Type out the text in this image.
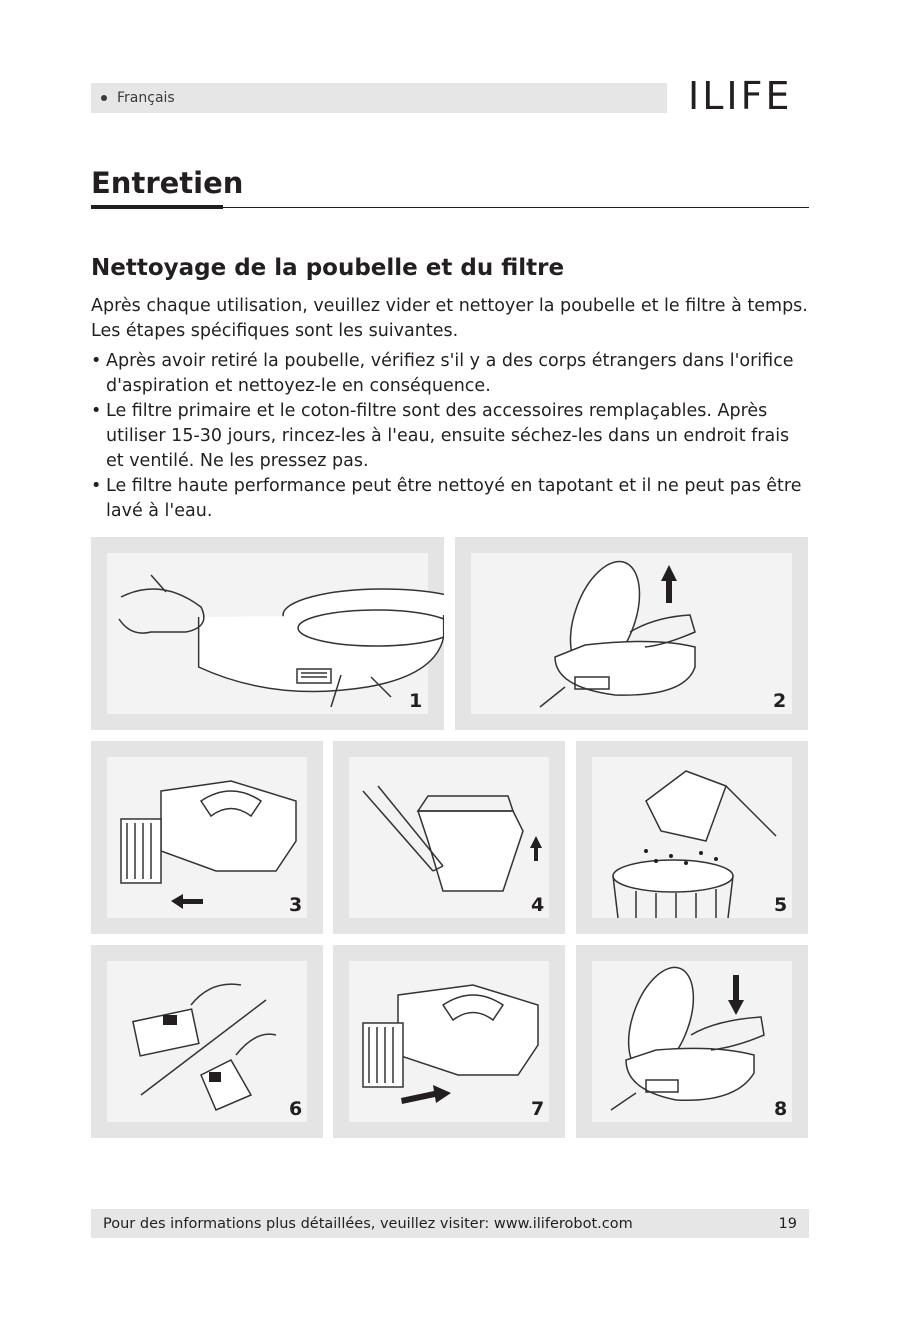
Français	ILIFE
Entretien
Nettoyage de la poubelle et du filtre
Après chaque utilisation, veuillez vider et nettoyer la poubelle et le filtre à temps. Les étapes spécifiques sont les suivantes.
• Après avoir retiré la poubelle, vérifiez s'il y a des corps étrangers dans l'orifice d'aspiration et nettoyez-le en conséquence.
• Le filtre primaire et le coton-filtre sont des accessoires remplaçables. Après utiliser 15-30 jours, rincez-les à l'eau, ensuite séchez-les dans un endroit frais et ventilé. Ne les pressez pas.
• Le filtre haute performance peut être nettoyé en tapotant et il ne peut pas être lavé à l'eau.
1	2
3	4	5
6	7	8
Pour des informations plus détaillées, veuillez visiter: www.iliferobot.com	19
